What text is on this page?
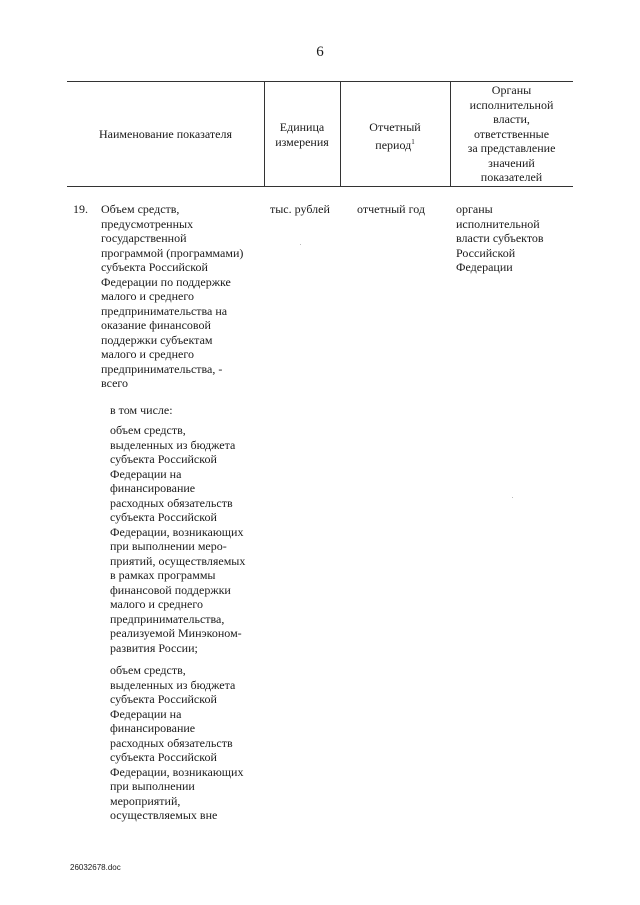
6
Наименование показателя	Единица
измерения
Отчетный
период$^1$
Органы
исполнительной
власти,
ответственные
за представление
значений
показателей
19. Объем средств,
предусмотренных
государственной
программой (программами)
субъекта Российской
Федерации по поддержке
малого и среднего
предпринимательства на
оказание финансовой
поддержки субъектам
малого и среднего
предпринимательства, -
всего
в том числе:
объем средств,
выделенных из бюджета
субъекта Российской
Федерации на
финансирование
расходных обязательств
субъекта Российской
Федерации, возникающих
при выполнении меро-
приятий, осуществляемых
в рамках программы
финансовой поддержки
малого и среднего
предпринимательства,
реализуемой Минэконом-
развития России;
объем средств,
выделенных из бюджета
субъекта Российской
Федерации на
финансирование
расходных обязательств
субъекта Российской
Федерации, возникающих
при выполнении
мероприятий,
осуществляемых вне
тыс. рублей отчетный год	органы
исполнительной
власти субъектов
Российской
Федерации
26032678.doc
